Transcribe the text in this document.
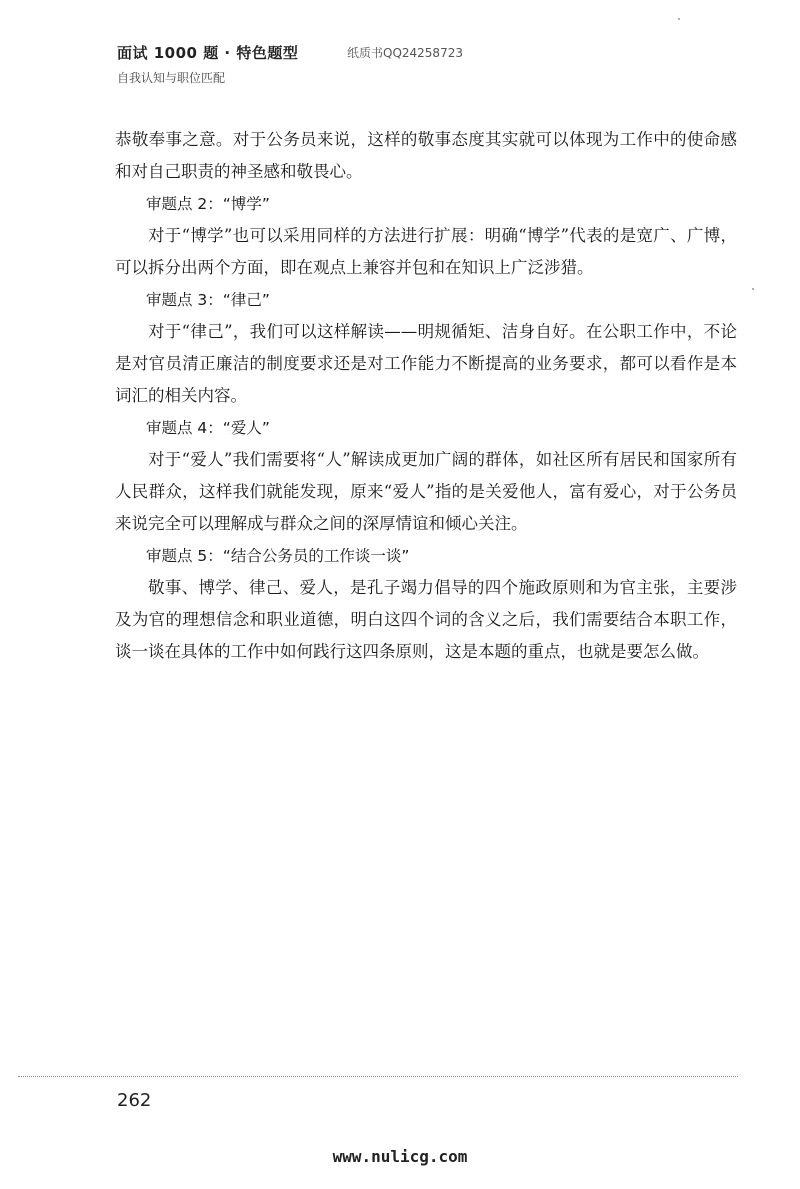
面试 1000 题 · 特色题型
自我认知与职位匹配
纸质书QQ24258723

恭敬奉事之意。对于公务员来说，这样的敬事态度其实就可以体现为工作中的使命感和对自己职责的神圣感和敬畏心。

审题点 2：“博学”

对于“博学”也可以采用同样的方法进行扩展：明确“博学”代表的是宽广、广博，可以拆分出两个方面，即在观点上兼容并包和在知识上广泛涉猎。

审题点 3：“律己”

对于“律己”，我们可以这样解读——明规循矩、洁身自好。在公职工作中，不论是对官员清正廉洁的制度要求还是对工作能力不断提高的业务要求，都可以看作是本词汇的相关内容。

审题点 4：“爱人”

对于“爱人”我们需要将“人”解读成更加广阔的群体，如社区所有居民和国家所有人民群众，这样我们就能发现，原来“爱人”指的是关爱他人，富有爱心，对于公务员来说完全可以理解成与群众之间的深厚情谊和倾心关注。

审题点 5：“结合公务员的工作谈一谈”

敬事、博学、律己、爱人，是孔子竭力倡导的四个施政原则和为官主张，主要涉及为官的理想信念和职业道德，明白这四个词的含义之后，我们需要结合本职工作，谈一谈在具体的工作中如何践行这四条原则，这是本题的重点，也就是要怎么做。

262
www.nulicg.com
